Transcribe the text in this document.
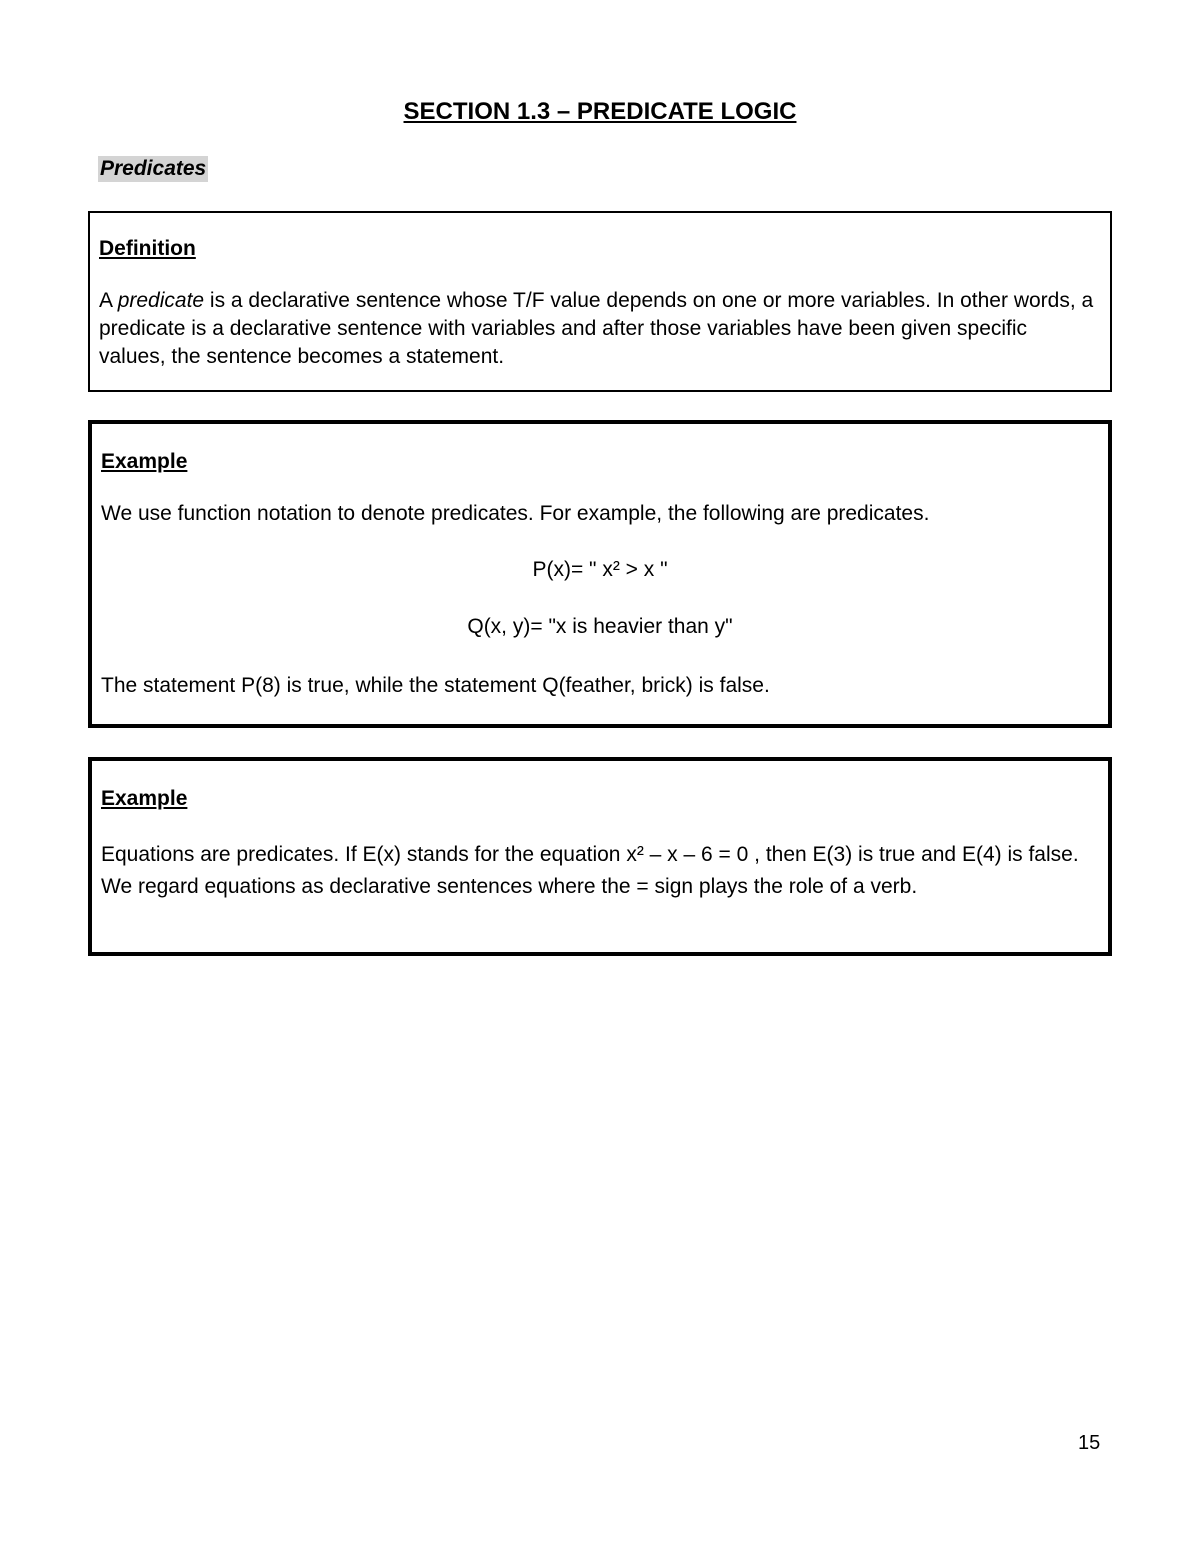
SECTION 1.3 – PREDICATE LOGIC
Predicates
Definition

A predicate is a declarative sentence whose T/F value depends on one or more variables. In other words, a predicate is a declarative sentence with variables and after those variables have been given specific values, the sentence becomes a statement.

Example

We use function notation to denote predicates. For example, the following are predicates.

P(x)= " x² > x "

Q(x, y)= "x is heavier than y"

The statement P(8) is true, while the statement Q(feather, brick) is false.

Example

Equations are predicates. If E(x) stands for the equation x² – x – 6 = 0 , then E(3) is true and E(4) is false. We regard equations as declarative sentences where the = sign plays the role of a verb.

15
